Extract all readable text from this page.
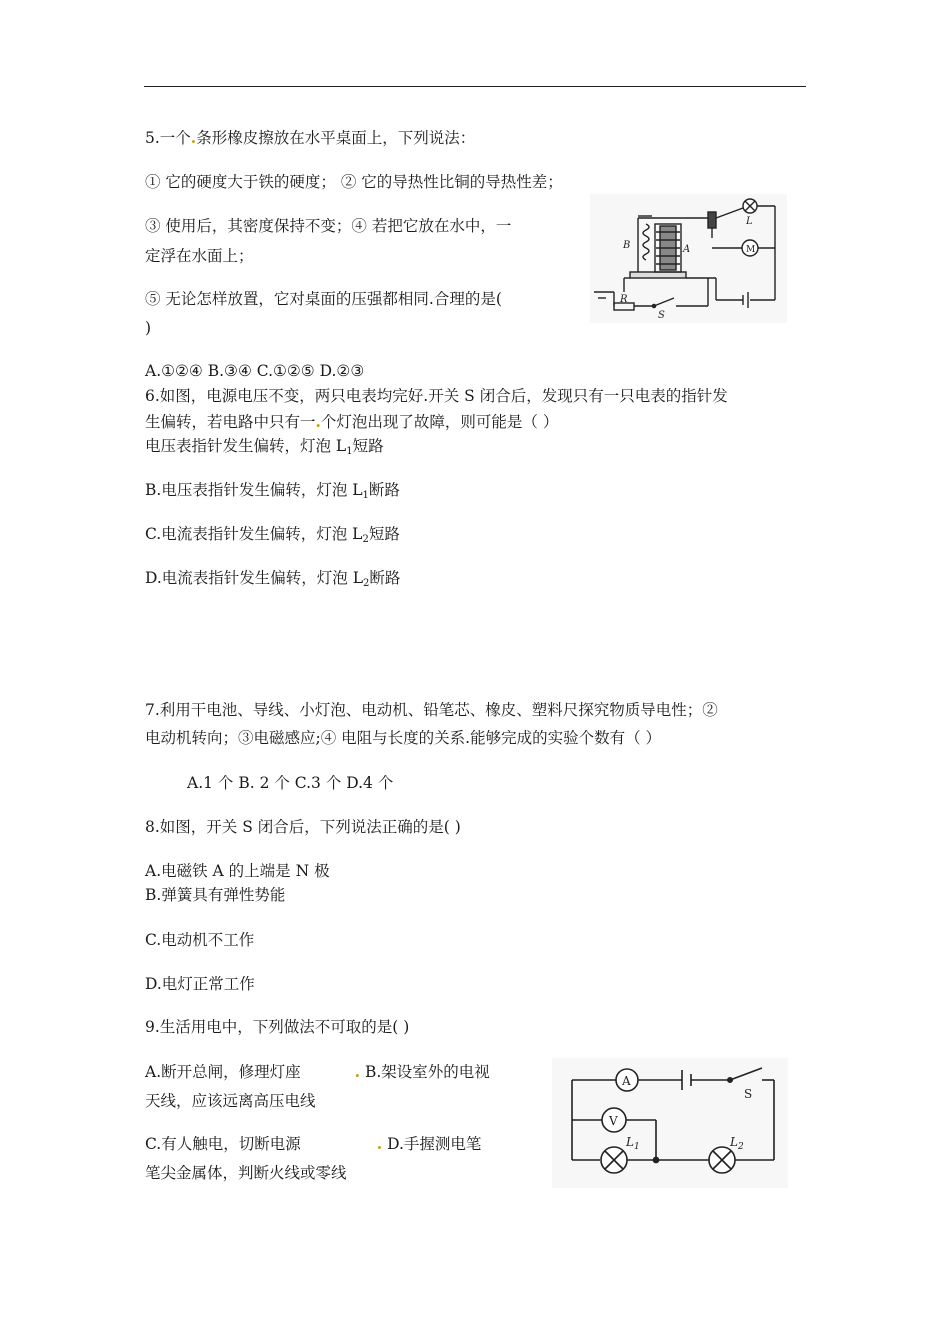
5.一个.条形橡皮擦放在水平桌面上，下列说法：
① 它的硬度大于铁的硬度； ② 它的导热性比铜的导热性差；
③ 使用后，其密度保持不变；④ 若把它放在水中，一
定浮在水面上；
⑤ 无论怎样放置，它对桌面的压强都相同.合理的是(
)
A.①②④ B.③④ C.①②⑤ D.②③
6.如图，电源电压不变，两只电表均完好.开关 S 闭合后，发现只有一只电表的指针发
生偏转，若电路中只有一.个灯泡出现了故障，则可能是（ ）
电压表指针发生偏转，灯泡 $L_1$短路
B.电压表指针发生偏转，灯泡 $L_1$断路
C.电流表指针发生偏转，灯泡 $L_2$短路
D.电流表指针发生偏转，灯泡 $L_2$断路
7.利用干电池、导线、小灯泡、电动机、铅笔芯、橡皮、塑料尺探究物质导电性；②
电动机转向；③电磁感应;④ 电阻与长度的关系.能够完成的实验个数有（ ）
A.1 个 B. 2 个 C.3 个 D.4 个
8.如图，开关 S 闭合后，下列说法正确的是( )
A.电磁铁 A 的上端是 N 极
B.弹簧具有弹性势能
C.电动机不工作
D.电灯正常工作
9.生活用电中，下列做法不可取的是( )
A.断开总闸，修理灯座	. B.架设室外的电视
天线，应该远离高压电线
C.有人触电，切断电源	. D.手握测电笔
笔尖金属体，判断火线或零线
B	A
L
M
R
S
A
V
S
$L_1$	$L_2$
